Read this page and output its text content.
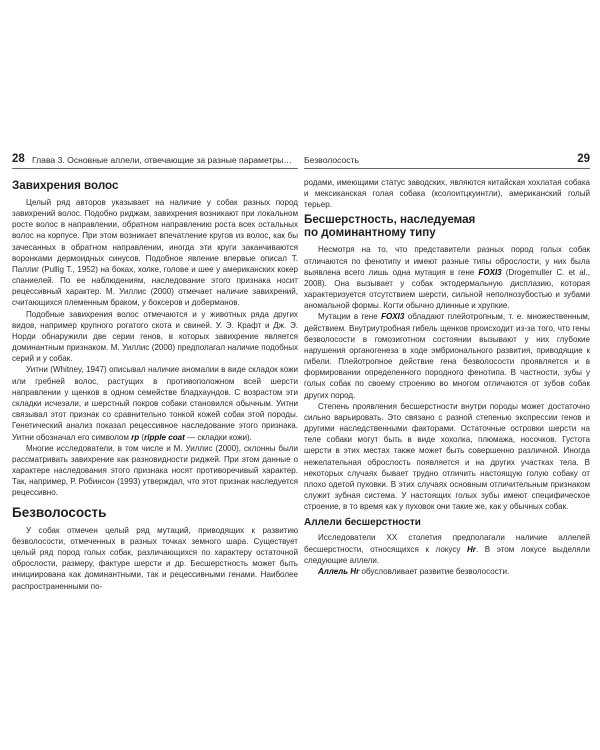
28 Глава 3. Основные аллели, отвечающие за разные параметры…
Завихрения волос

Целый ряд авторов указывает на наличие у собак разных пород завихрений волос. Подобно риджам, завихрения возникают при локальном росте волос в направлении, обратном направлению роста всех остальных волос на корпусе. При этом возникает впечатление кругов из волос, как бы зачесанных в обратном направлении, иногда эти круги заканчиваются воронками дермоидных синусов. Подобное явление впервые описал Т. Паллиг (Pullig T., 1952) на боках, холке, голове и шее у американских кокер спаниелей. По ее наблюдениям, наследование этого признака носит рецессивный характер. М. Уиллис (2000) отмечает наличие завихрений, считающихся племенным браком, у боксеров и доберманов.

Подобные завихрения волос отмечаются и у животных ряда других видов, например крупного рогатого скота и свиней. У. Э. Крафт и Дж. Э. Норди обнаружили две серии генов, в которых завихрение является доминантным признаком. М. Уиллис (2000) предполагал наличие подобных серий и у собак.

Уитни (Whitney, 1947) описывал наличие аномалии в виде складок кожи или гребней волос, растущих в противоположном всей шерсти направлении у щенков в одном семействе бладхаундов. С возрастом эти складки исчезали, и шерстный покров собаки становился обычным. Уитни связывал этот признак со сравнительно тонкой кожей собак этой породы. Генетический анализ показал рецессивное наследование этого признака. Уитни обозначал его символом rp (ripple coat — складки кожи).

Многие исследователи, в том числе и М. Уиллис (2000), склонны были рассматривать завихрение как разновидности риджей. При этом данные о характере наследования этого признака носят противоречивый характер. Так, например, Р. Робинсон (1993) утверждал, что этот признак наследуется рецессивно.

Безволосость

У собак отмечен целый ряд мутаций, приводящих к развитию безволосости, отмеченных в разных точках земного шара. Существует целый ряд пород голых собак, различающихся по характеру остаточной оброслости, размеру, фактуре шерсти и др. Бесшерстность может быть инициирована как доминантными, так и рецессивными генами. Наиболее распространенными по-

Безволосость	29

родами, имеющими статус заводских, являются китайская хохлатая собака и мексиканская голая собака (ксолоитцкуинтли), американский голый терьер.

Бесшерстность, наследуемая
по доминантному типу

Несмотря на то, что представители разных пород голых собак отличаются по фенотипу и имеют разные типы оброслости, у них была выявлена всего лишь одна мутация в гене FOXI3 (Drogemuller C. et al., 2008). Она вызывает у собак эктодермальную дисплазию, которая характеризуется отсутствием шерсти, сильной неполнозубостью и зубами аномальной формы. Когти обычно длинные и хрупкие.

Мутации в гене FOXI3 обладают плейотропным, т. е. множественным, действием. Внутриутробная гибель щенков происходит из-за того, что гены безволосости в гомозиготном состоянии вызывают у них глубокие нарушения органогенеза в ходе эмбрионального развития, приводящие к гибели. Плейотропное действие гена безволосости проявляется и в формировании определенного породного фенотипа. В частности, зубы у голых собак по своему строению во многом отличаются от зубов собак других пород.

Степень проявления бесшерстности внутри породы может достаточно сильно варьировать. Это связано с разной степенью экспрессии генов и другими наследственными факторами. Остаточные островки шерсти на теле собаки могут быть в виде хохолка, плюмажа, носочков. Густота шерсти в этих местах также может быть совершенно различной. Иногда нежелательная оброслость появляется и на других участках тела. В некоторых случаях бывает трудно отличить настоящую голую собаку от плохо одетой пуховки. В этих случаях основным отличительным признаком служит зубная система. У настоящих голых зубы имеют специфическое строение, в то время как у пуховок они такие же, как у обычных собак.

Аллели бесшерстности

Исследователи XX столетия предполагали наличие аллелей бесшерстности, относящихся к локусу Hr. В этом локусе выделяли следующие аллели.

Аллель Hr обусловливает развитие безволосости.
